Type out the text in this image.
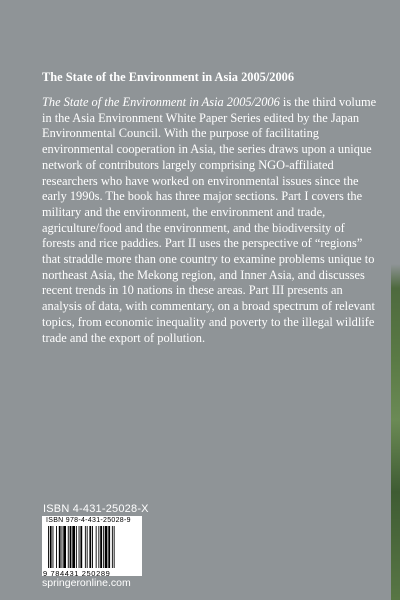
The State of the Environment in Asia 2005/2006
The State of the Environment in Asia 2005/2006 is the third volume in the Asia Environment White Paper Series edited by the Japan Environmental Council. With the purpose of facilitating environmental cooperation in Asia, the series draws upon a unique network of contributors largely comprising NGO-affiliated researchers who have worked on environmental issues since the early 1990s. The book has three major sections. Part I covers the military and the environment, the environment and trade, agriculture/food and the environment, and the biodiversity of forests and rice paddies. Part II uses the perspective of “regions” that straddle more than one country to examine problems unique to northeast Asia, the Mekong region, and Inner Asia, and discusses recent trends in 10 nations in these areas. Part III presents an analysis of data, with commentary, on a broad spectrum of relevant topics, from economic inequality and poverty to the illegal wildlife trade and the export of pollution.
ISBN 4-431-25028-X
ISBN 978-4-431-25028-9
9 784431 250289
springeronline.com
